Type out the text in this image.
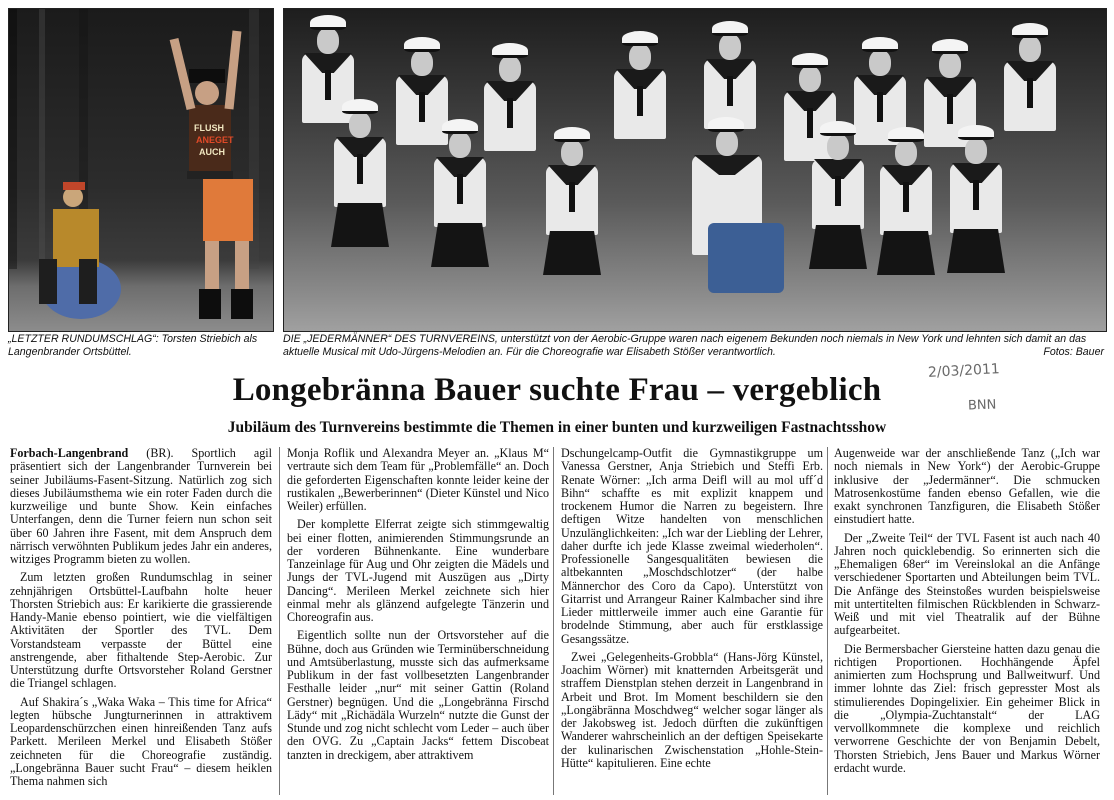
FLUSH
ANEGET
AUCH
„LETZTER RUNDUMSCHLAG“: Torsten Striebich als Langenbrander Ortsbüttel.
DIE „JEDERMÄNNER“ DES TURNVEREINS, unterstützt von der Aerobic-Gruppe waren nach eigenem Bekunden noch niemals in New York und lehnten sich damit an das aktuelle Musical mit Udo-Jürgens-Melodien an. Für die Choreografie war Elisabeth Stößer verantwortlich.	Fotos: Bauer
2/03/2011
BNN
Longebränna Bauer suchte Frau – vergeblich
Jubiläum des Turnvereins bestimmte die Themen in einer bunten und kurzweiligen Fastnachtsshow

Forbach-Langenbrand (BR). Sportlich agil präsentiert sich der Langenbrander Turnverein bei seiner Jubiläums-Fasent-Sitzung. Natürlich zog sich dieses Jubiläumsthema wie ein roter Faden durch die kurzweilige und bunte Show. Kein einfaches Unterfangen, denn die Turner feiern nun schon seit über 60 Jahren ihre Fasent, mit dem Anspruch dem närrisch verwöhnten Publikum jedes Jahr ein anderes, witziges Programm bieten zu wollen.

Zum letzten großen Rundumschlag in seiner zehnjährigen Ortsbüttel-Laufbahn holte heuer Thorsten Striebich aus: Er karikierte die grassierende Handy-Manie ebenso pointiert, wie die vielfältigen Aktivitäten der Sportler des TVL. Dem Vorstandsteam verpasste der Büttel eine anstrengende, aber fithaltende Step-Aerobic. Zur Unterstützung durfte Ortsvorsteher Roland Gerstner die Triangel schlagen.

Auf Shakira´s „Waka Waka – This time for Africa“ legten hübsche Jungturnerinnen in attraktivem Leopardenschürzchen einen hinreißenden Tanz aufs Parkett. Merileen Merkel und Elisabeth Stößer zeichneten für die Choreografie zuständig. „Longebränna Bauer sucht Frau“ – diesem heiklen Thema nahmen sich

Monja Roflik und Alexandra Meyer an. „Klaus M“ vertraute sich dem Team für „Problemfälle“ an. Doch die geforderten Eigenschaften konnte leider keine der rustikalen „Bewerberinnen“ (Dieter Künstel und Nico Weiler) erfüllen.

Der komplette Elferrat zeigte sich stimmgewaltig bei einer flotten, animierenden Stimmungsrunde an der vorderen Bühnenkante. Eine wunderbare Tanzeinlage für Aug und Ohr zeigten die Mädels und Jungs der TVL-Jugend mit Auszügen aus „Dirty Dancing“. Merileen Merkel zeichnete sich hier einmal mehr als glänzend aufgelegte Tänzerin und Choreografin aus.

Eigentlich sollte nun der Ortsvorsteher auf die Bühne, doch aus Gründen wie Terminüberschneidung und Amtsüberlastung, musste sich das aufmerksame Publikum in der fast vollbesetzten Langenbrander Festhalle leider „nur“ mit seiner Gattin (Roland Gerstner) begnügen. Und die „Longebränna Firschd Lädy“ mit „Richädäla Wurzeln“ nutzte die Gunst der Stunde und zog nicht schlecht vom Leder – auch über den OVG. Zu „Captain Jacks“ fettem Discobeat tanzten in dreckigem, aber attraktivem

Dschungelcamp-Outfit die Gymnastikgruppe um Vanessa Gerstner, Anja Striebich und Steffi Erb. Renate Wörner: „Ich arma Deifl will au mol uff´d Bihn“ schaffte es mit explizit knappem und trockenem Humor die Narren zu begeistern. Ihre deftigen Witze handelten von menschlichen Unzulänglichkeiten: „Ich war der Liebling der Lehrer, daher durfte ich jede Klasse zweimal wiederholen“. Professionelle Sangesqualitäten bewiesen die altbekannten „Moschdschlotzer“ (der halbe Männerchor des Coro da Capo). Unterstützt von Gitarrist und Arrangeur Rainer Kalmbacher sind ihre Lieder mittlerweile immer auch eine Garantie für brodelnde Stimmung, aber auch für erstklassige Gesangssätze.

Zwei „Gelegenheits-Grobbla“ (Hans-Jörg Künstel, Joachim Wörner) mit knatternden Arbeitsgerät und straffem Dienstplan stehen derzeit in Langenbrand in Arbeit und Brot. Im Moment beschildern sie den „Longäbränna Moschdweg“ welcher sogar länger als der Jakobsweg ist. Jedoch dürften die zukünftigen Wanderer wahrscheinlich an der deftigen Speisekarte der kulinarischen Zwischenstation „Hohle-Stein-Hütte“ kapitulieren. Eine echte

Augenweide war der anschließende Tanz („Ich war noch niemals in New York“) der Aerobic-Gruppe inklusive der „Jedermänner“. Die schmucken Matrosenkostüme fanden ebenso Gefallen, wie die exakt synchronen Tanzfiguren, die Elisabeth Stößer einstudiert hatte.

Der „Zweite Teil“ der TVL Fasent ist auch nach 40 Jahren noch quicklebendig. So erinnerten sich die „Ehemaligen 68er“ im Vereinslokal an die Anfänge verschiedener Sportarten und Abteilungen beim TVL. Die Anfänge des Steinstoßes wurden beispielsweise mit untertitelten filmischen Rückblenden in Schwarz-Weiß und mit viel Theatralik auf der Bühne aufgearbeitet.

Die Bermersbacher Giersteine hatten dazu genau die richtigen Proportionen. Hochhängende Äpfel animierten zum Hochsprung und Ballweitwurf. Und immer lohnte das Ziel: frisch gepresster Most als stimulierendes Dopingelixier. Ein geheimer Blick in die „Olympia-Zuchtanstalt“ der LAG vervollkommnete die komplexe und reichlich verworrene Geschichte der von Benjamin Debelt, Thorsten Striebich, Jens Bauer und Markus Wörner erdacht wurde.
